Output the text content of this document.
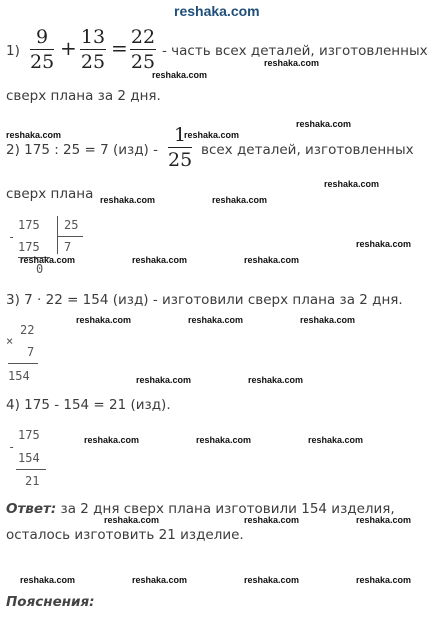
reshaka.com
1)
9
25
+ 13
25
= 22
25 - часть всех деталей, изготовленных
сверх плана за 2 дня.
2) 175 : 25 = 7 (изд) -
1
25 всех деталей, изготовленных
сверх плана
-
175 25
175 7
0
3) 7 · 22 = 154 (изд) - изготовили сверх плана за 2 дня.
×
22
7
154
4) 175 - 154 = 21 (изд).
-
175
154
21
Ответ: за 2 дня сверх плана изготовили 154 изделия,
осталось изготовить 21 изделие.
Пояснения:
reshaka.com
reshaka.com
reshaka.com
reshaka.com	reshaka.com
reshaka.com
reshaka.com	reshaka.com
reshaka.com
reshaka.com	reshaka.com	reshaka.com
reshaka.com	reshaka.com	reshaka.com
reshaka.com	reshaka.com
reshaka.com	reshaka.com	reshaka.com
reshaka.com	reshaka.com	reshaka.com
reshaka.com	reshaka.com	reshaka.com	reshaka.com
